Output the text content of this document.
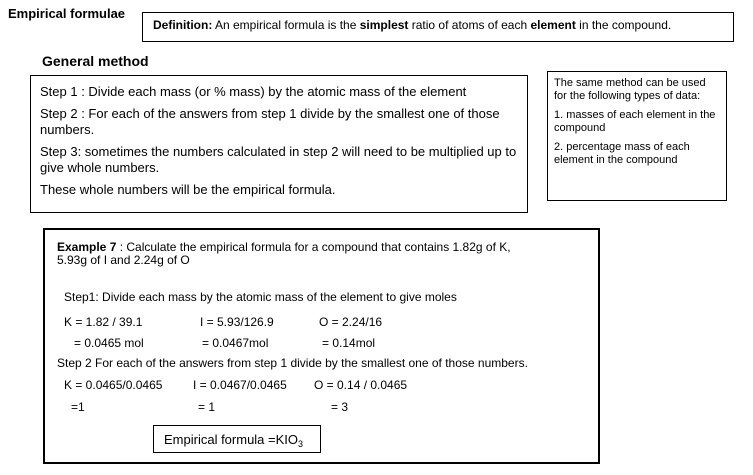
Empirical formulae
Definition: An empirical formula is the simplest ratio of atoms of each element in the compound.
General method

Step 1 : Divide each mass (or % mass) by the atomic mass of the element

Step 2 : For each of the answers from step 1 divide by the smallest one of those numbers.

Step 3: sometimes the numbers calculated in step 2 will need to be multiplied up to give whole numbers.

These whole numbers will be the empirical formula.

The same method can be used for the following types of data:

1. masses of each element in the compound

2. percentage mass of each element in the compound

Example 7 : Calculate the empirical formula for a compound that contains 1.82g of K, 5.93g of I and 2.24g of O
Step1: Divide each mass by the atomic mass of the element to give moles
K = 1.82 / 39.1	I = 5.93/126.9	O = 2.24/16
= 0.0465 mol	= 0.0467mol	= 0.14mol
Step 2 For each of the answers from step 1 divide by the smallest one of those numbers.
K = 0.0465/0.0465	I = 0.0467/0.0465 O = 0.14 / 0.0465
=1	= 1	= 3
Empirical formula $=KIO_3$
